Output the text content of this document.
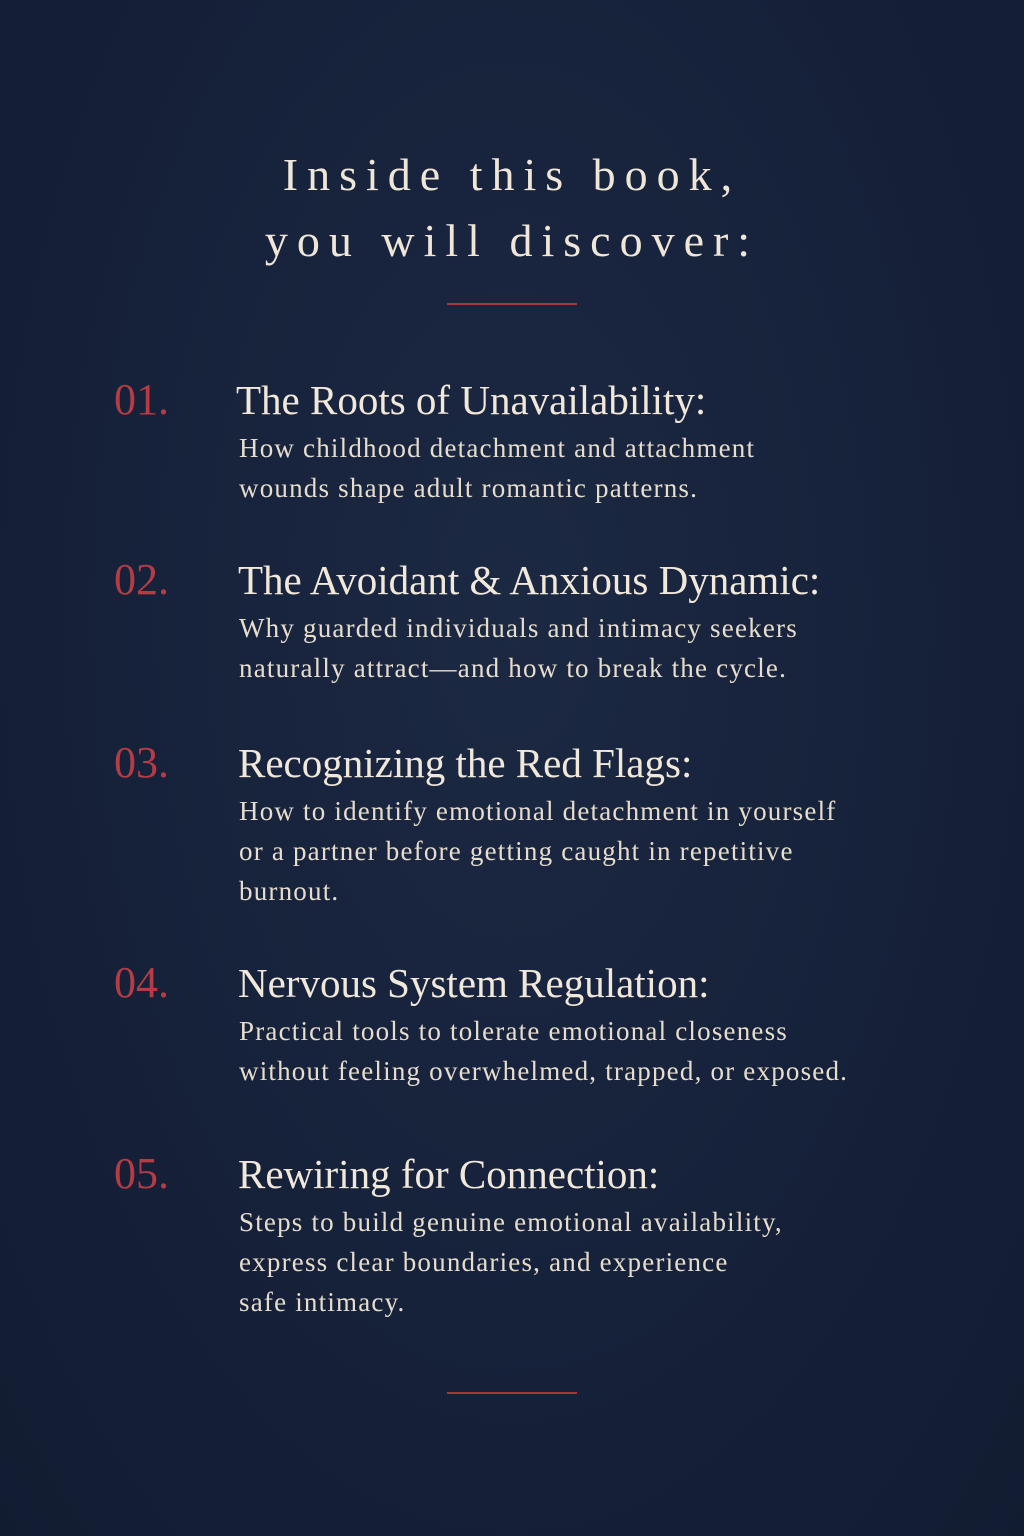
Inside this book,
you will discover:
01. The Roots of Unavailability:
How childhood detachment and attachment
wounds shape adult romantic patterns.
02. The Avoidant & Anxious Dynamic:
Why guarded individuals and intimacy seekers
naturally attract—and how to break the cycle.
03. Recognizing the Red Flags:
How to identify emotional detachment in yourself
or a partner before getting caught in repetitive
burnout.
04. Nervous System Regulation:
Practical tools to tolerate emotional closeness
without feeling overwhelmed, trapped, or exposed.
05. Rewiring for Connection:
Steps to build genuine emotional availability,
express clear boundaries, and experience
safe intimacy.
